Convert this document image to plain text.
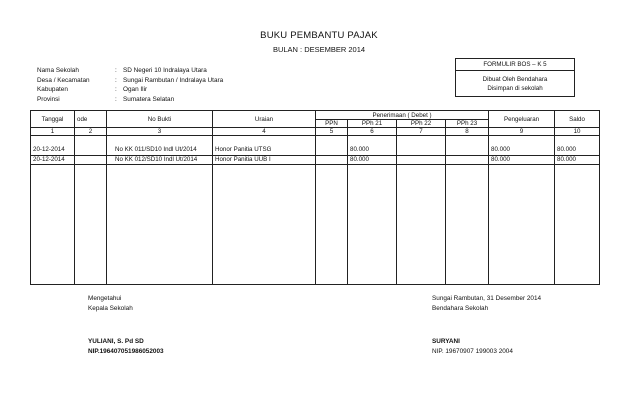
BUKU PEMBANTU PAJAK
BULAN : DESEMBER 2014
Nama Sekolah	: SD Negeri 10 Indralaya Utara
Desa / Kecamatan	: Sungai Rambutan / Indralaya Utara
Kabupaten	: Ogan Ilir
Provinsi	: Sumatera Selatan
FORMULIR BOS – K 5
Dibuat Oleh Bendahara
Disimpan di sekolah
Tanggal	ode	No Bukti	Uraian	Penerimaan ( Debet )				Pengeluaran	Saldo
				PPN	PPh 21	PPh 22	PPh 23		
1	2	3	4	5	6	7	8	9	10
20-12-2014		No KK 011/SD10 Indl Ut/2014	Honor Panitia UTSG		80.000			80.000	80.000
20-12-2014		No KK 012/SD10 Indl Ut/2014	Honor Panitia UUB I		80.000			80.000	80.000

Mengetahui
Kepala Sekolah
YULIANI, S. Pd SD
NIP.196407051986052003
Sungai Rambutan, 31 Desember 2014
Bendahara Sekolah
SURYANI
NIP. 19670907 199003 2004
